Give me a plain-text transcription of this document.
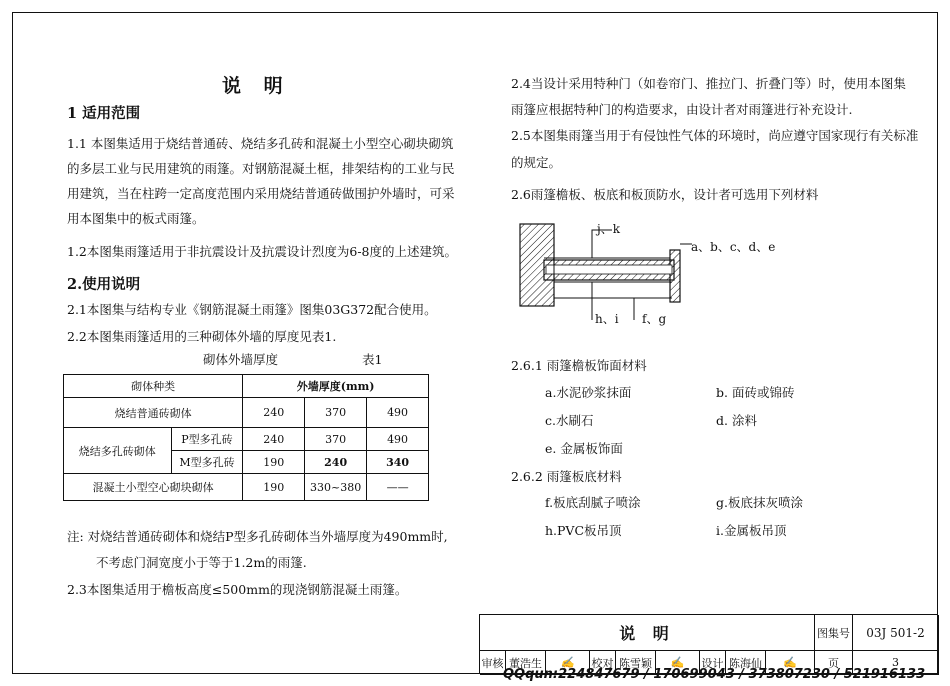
说 明
1 适用范围
1.1 本图集适用于烧结普通砖、烧结多孔砖和混凝土小型空心砌块砌筑
的多层工业与民用建筑的雨篷。对钢筋混凝土框，排架结构的工业与民
用建筑，当在柱跨一定高度范围内采用烧结普通砖做围护外墙时，可采
用本图集中的板式雨篷。
1.2本图集雨篷适用于非抗震设计及抗震设计烈度为6-8度的上述建筑。
2.使用说明
2.1本图集与结构专业《钢筋混凝土雨篷》图集03G372配合使用。
2.2本图集雨篷适用的三种砌体外墙的厚度见表1.
砌体外墙厚度	表1
砌体种类		外墙厚度(mm)		
烧结普通砖砌体		240	370	490
烧结多孔砖砌体	P型多孔砖	240	370	490
	M型多孔砖	190	240	340
混凝土小型空心砌块砌体		190	330~380	——
注: 对烧结普通砖砌体和烧结P型多孔砖砌体当外墙厚度为490mm时,
不考虑门洞宽度小于等于1.2m的雨篷.
2.3本图集适用于檐板高度≤500mm的现浇钢筋混凝土雨篷。
2.4当设计采用特种门（如卷帘门、推拉门、折叠门等）时，使用本图集
雨篷应根据特种门的构造要求，由设计者对雨篷进行补充设计.
2.5本图集雨篷当用于有侵蚀性气体的环境时，尚应遵守国家现行有关标准
的规定。
2.6雨篷檐板、板底和板顶防水，设计者可选用下列材料
j、k
a、b、c、d、e
h、i f、g
2.6.1 雨篷檐板饰面材料
a.水泥砂浆抹面	b. 面砖或锦砖
c.水刷石	d. 涂料
e. 金属板饰面
2.6.2 雨篷板底材料
f.板底刮腻子喷涂	g.板底抹灰喷涂
h.PVC板吊顶	i.金属板吊顶
说 明	图集号	03J 501-2
审核 董浩生	✍	校对 陈雪颖	✍	设计 陈海仙	✍	页	3
QQqun:224847679 / 170699043 / 373807230 / 521916133
